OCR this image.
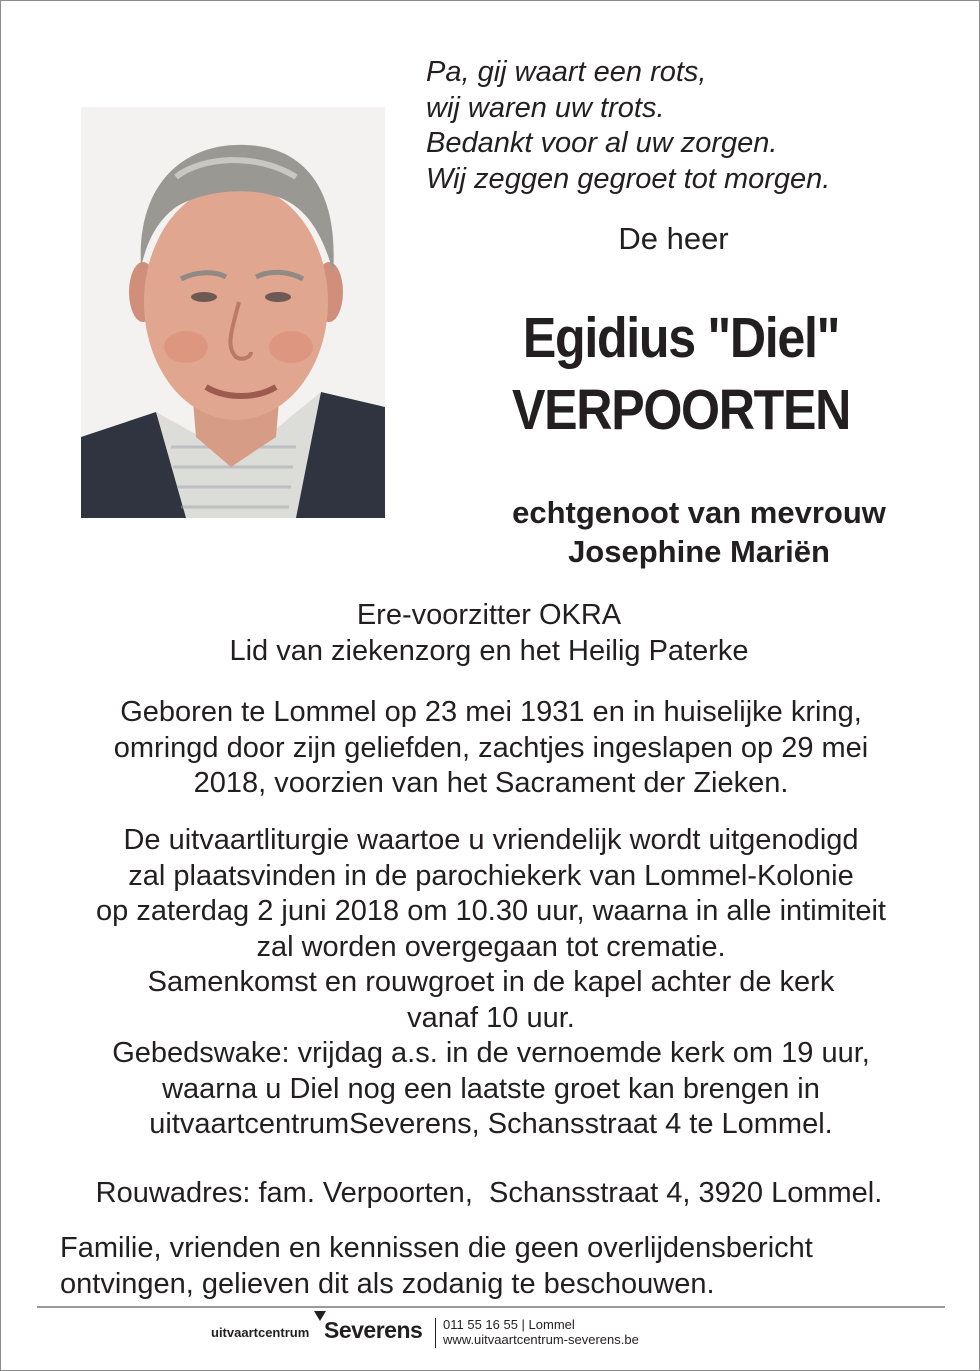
Pa, gij waart een rots,
wij waren uw trots.
Bedankt voor al uw zorgen.
Wij zeggen gegroet tot morgen.
De heer
Egidius "Diel"
VERPOORTEN
echtgenoot van mevrouw
Josephine Mariën
Ere-voorzitter OKRA
Lid van ziekenzorg en het Heilig Paterke
Geboren te Lommel op 23 mei 1931 en in huiselijke kring,
omringd door zijn geliefden, zachtjes ingeslapen op 29 mei
2018, voorzien van het Sacrament der Zieken.
De uitvaartliturgie waartoe u vriendelijk wordt uitgenodigd
zal plaatsvinden in de parochiekerk van Lommel-Kolonie
op zaterdag 2 juni 2018 om 10.30 uur, waarna in alle intimiteit
zal worden overgegaan tot crematie.
Samenkomst en rouwgroet in de kapel achter de kerk
vanaf 10 uur.
Gebedswake: vrijdag a.s. in de vernoemde kerk om 19 uur,
waarna u Diel nog een laatste groet kan brengen in
uitvaartcentrumSeverens, Schansstraat 4 te Lommel.
Rouwadres: fam. Verpoorten,  Schansstraat 4, 3920 Lommel.
Familie, vrienden en kennissen die geen overlijdensbericht
ontvingen, gelieven dit als zodanig te beschouwen.
uitvaartcentrum Severens 011 55 16 55 | Lommel
www.uitvaartcentrum-severens.be
